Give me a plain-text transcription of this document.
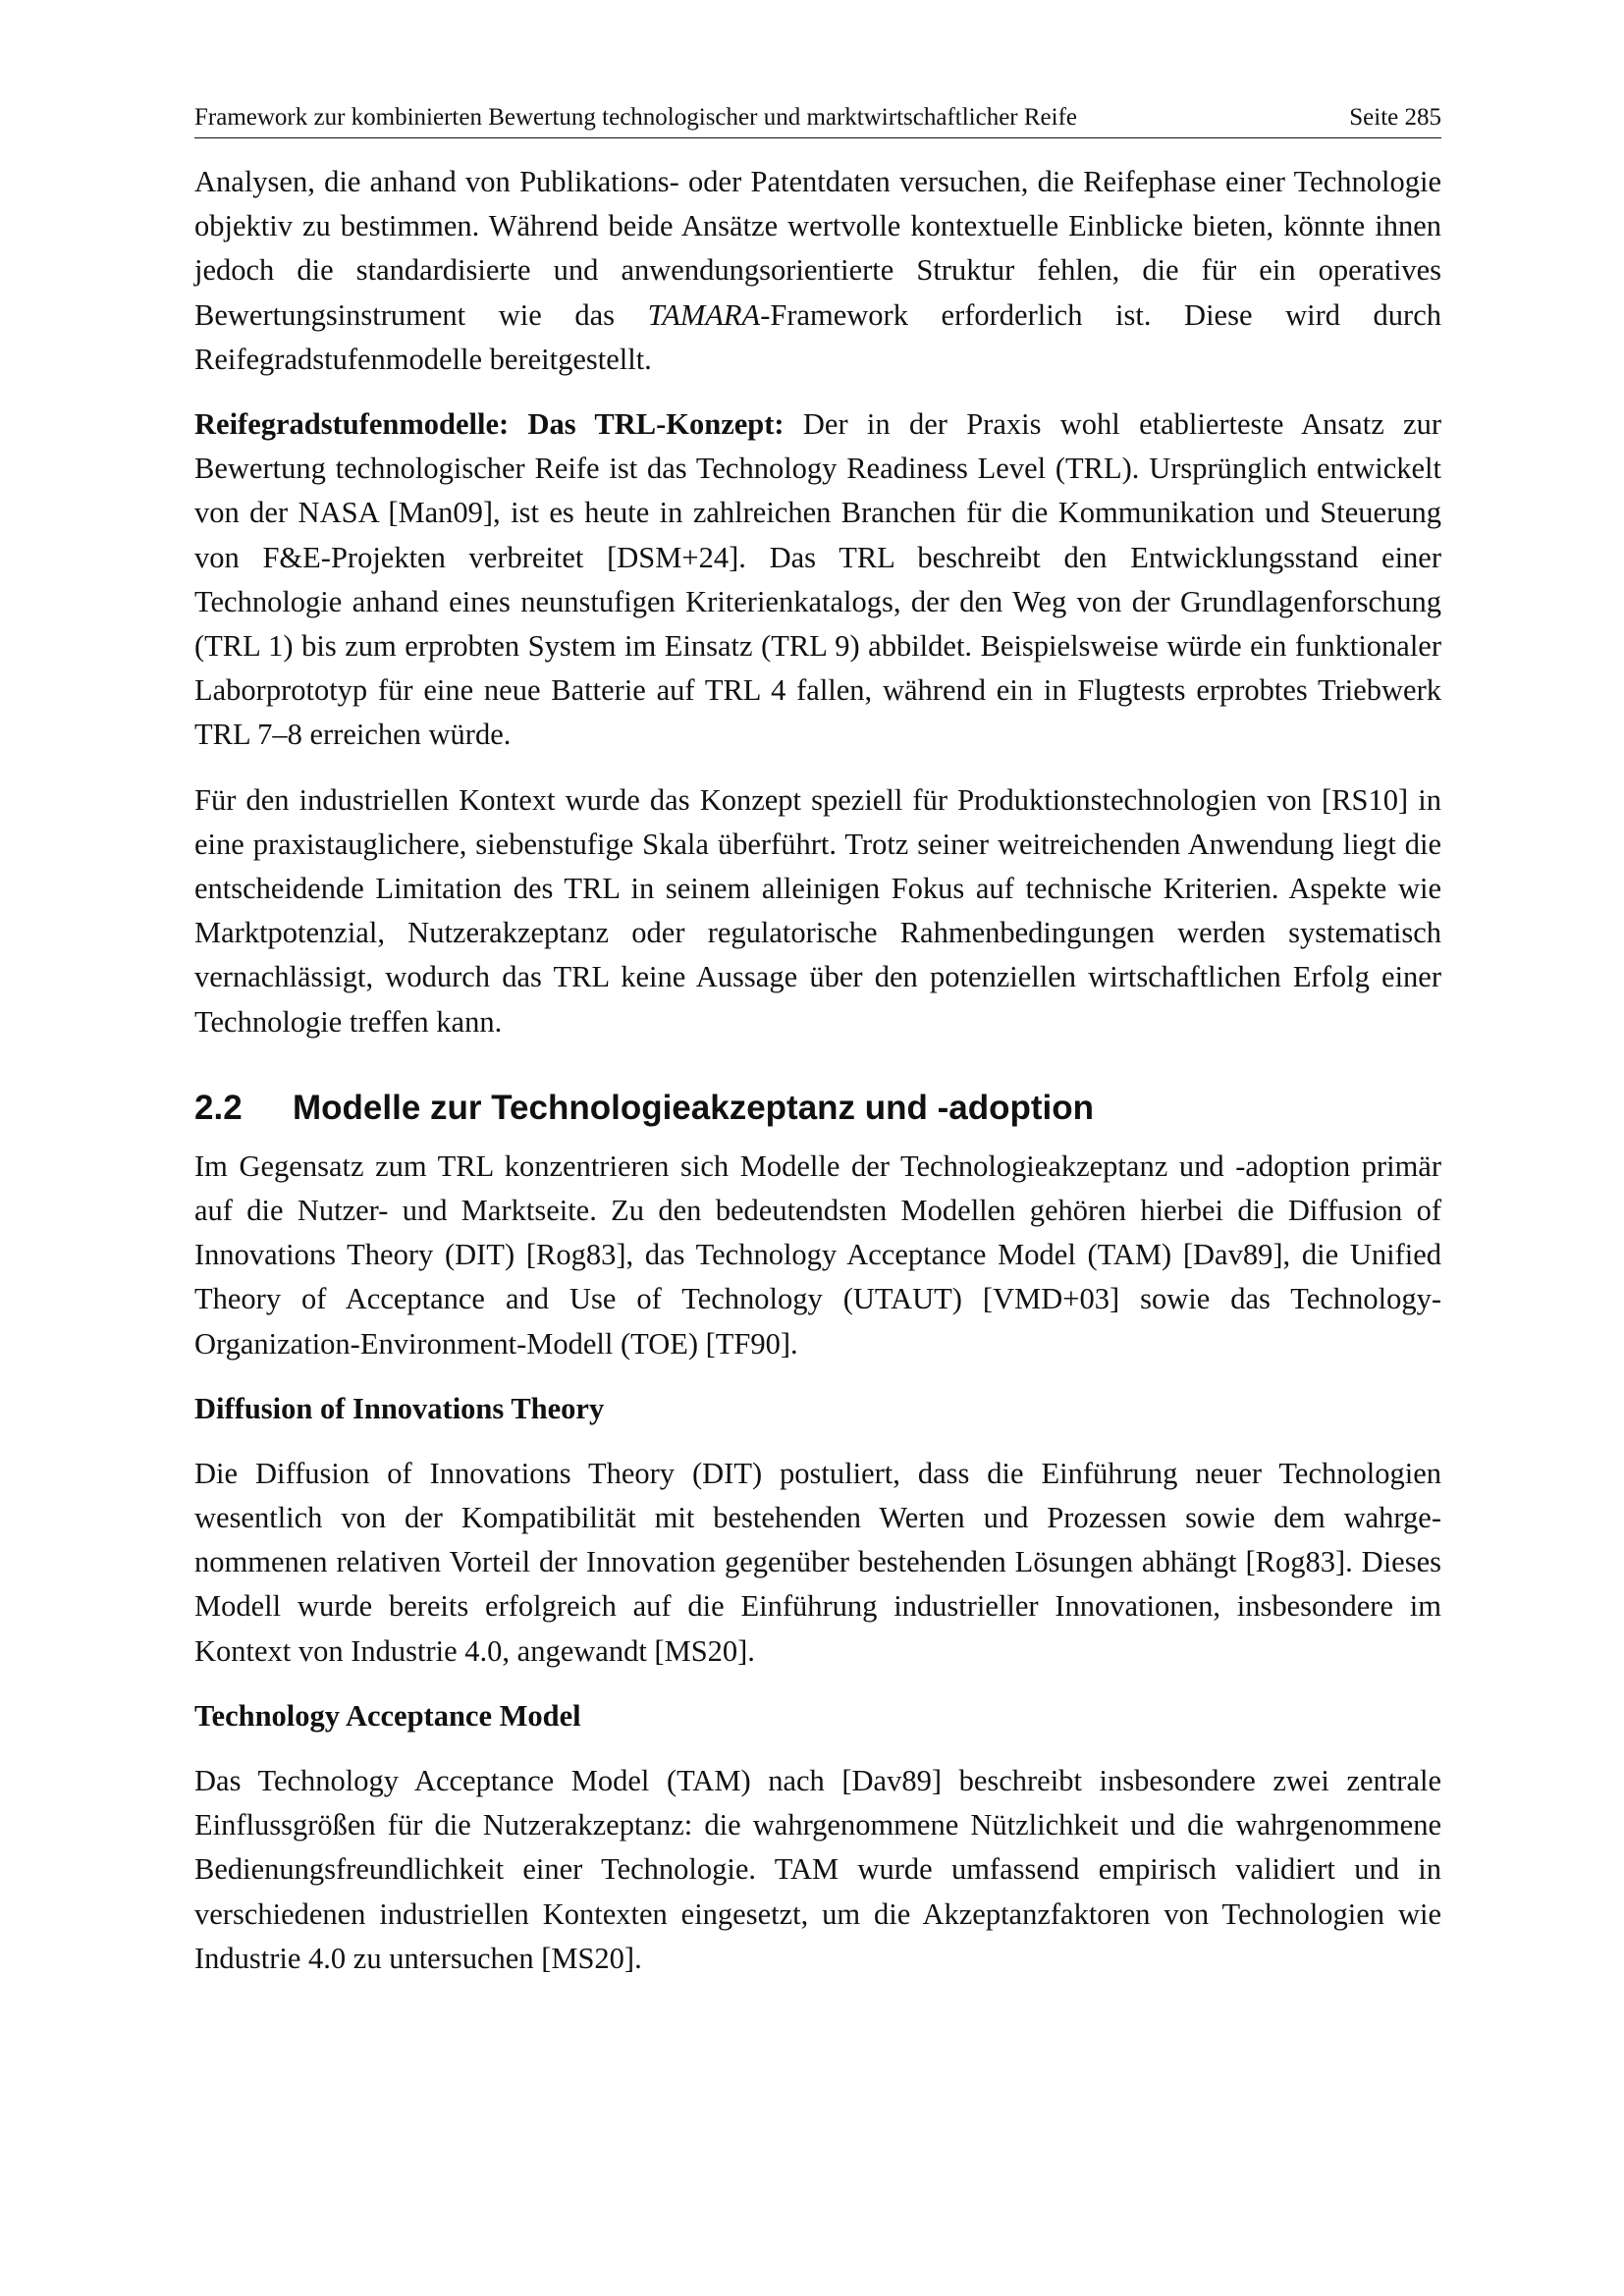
Framework zur kombinierten Bewertung technologischer und marktwirtschaftlicher Reife	Seite 285

Analysen, die anhand von Publikations- oder Patentdaten versuchen, die Reifephase einer Technologie objektiv zu bestimmen. Während beide Ansätze wertvolle kontextuelle Einblicke bieten, könnte ihnen jedoch die standardisierte und anwendungsorientierte Struktur fehlen, die für ein operatives Bewertungsinstrument wie das TAMARA-Framework erforderlich ist. Diese wird durch Reifegradstufenmodelle bereitgestellt.

Reifegradstufenmodelle: Das TRL-Konzept: Der in der Praxis wohl etablierteste Ansatz zur Bewertung technologischer Reife ist das Technology Readiness Level (TRL). Ursprünglich entwickelt von der NASA [Man09], ist es heute in zahlreichen Branchen für die Kommunikation und Steuerung von F&E-Projekten verbreitet [DSM+24]. Das TRL beschreibt den Entwicklungsstand einer Technologie anhand eines neunstufigen Kriterienkatalogs, der den Weg von der Grundlagenforschung (TRL 1) bis zum erprobten System im Einsatz (TRL 9) abbildet. Beispielsweise würde ein funktionaler Laborprototyp für eine neue Batterie auf TRL 4 fallen, während ein in Flugtests erprobtes Triebwerk TRL 7–8 erreichen würde.

Für den industriellen Kontext wurde das Konzept speziell für Produktionstechnologien von [RS10] in eine praxistauglichere, siebenstufige Skala überführt. Trotz seiner weitreichenden Anwendung liegt die entscheidende Limitation des TRL in seinem alleinigen Fokus auf technische Kriterien. Aspekte wie Marktpotenzial, Nutzerakzeptanz oder regulatorische Rahmenbedingungen werden systematisch vernachlässigt, wodurch das TRL keine Aussage über den potenziellen wirtschaftlichen Erfolg einer Technologie treffen kann.

2.2	Modelle zur Technologieakzeptanz und -adoption

Im Gegensatz zum TRL konzentrieren sich Modelle der Technologieakzeptanz und -adoption primär auf die Nutzer- und Marktseite. Zu den bedeutendsten Modellen gehören hierbei die Diffusion of Innovations Theory (DIT) [Rog83], das Technology Acceptance Model (TAM) [Dav89], die Unified Theory of Acceptance and Use of Technology (UTAUT) [VMD+03] sowie das Technology-Organization-Environment-Modell (TOE) [TF90].

Diffusion of Innovations Theory

Die Diffusion of Innovations Theory (DIT) postuliert, dass die Einführung neuer Technologien wesentlich von der Kompatibilität mit bestehenden Werten und Prozessen sowie dem wahrgenommenen relativen Vorteil der Innovation gegenüber bestehenden Lösungen abhängt [Rog83]. Dieses Modell wurde bereits erfolgreich auf die Einführung industrieller Innovationen, insbesondere im Kontext von Industrie 4.0, angewandt [MS20].

Technology Acceptance Model

Das Technology Acceptance Model (TAM) nach [Dav89] beschreibt insbesondere zwei zentrale Einflussgrößen für die Nutzerakzeptanz: die wahrgenommene Nützlichkeit und die wahrgenommene Bedienungsfreundlichkeit einer Technologie. TAM wurde umfassend empirisch validiert und in verschiedenen industriellen Kontexten eingesetzt, um die Akzeptanzfaktoren von Technologien wie Industrie 4.0 zu untersuchen [MS20].
